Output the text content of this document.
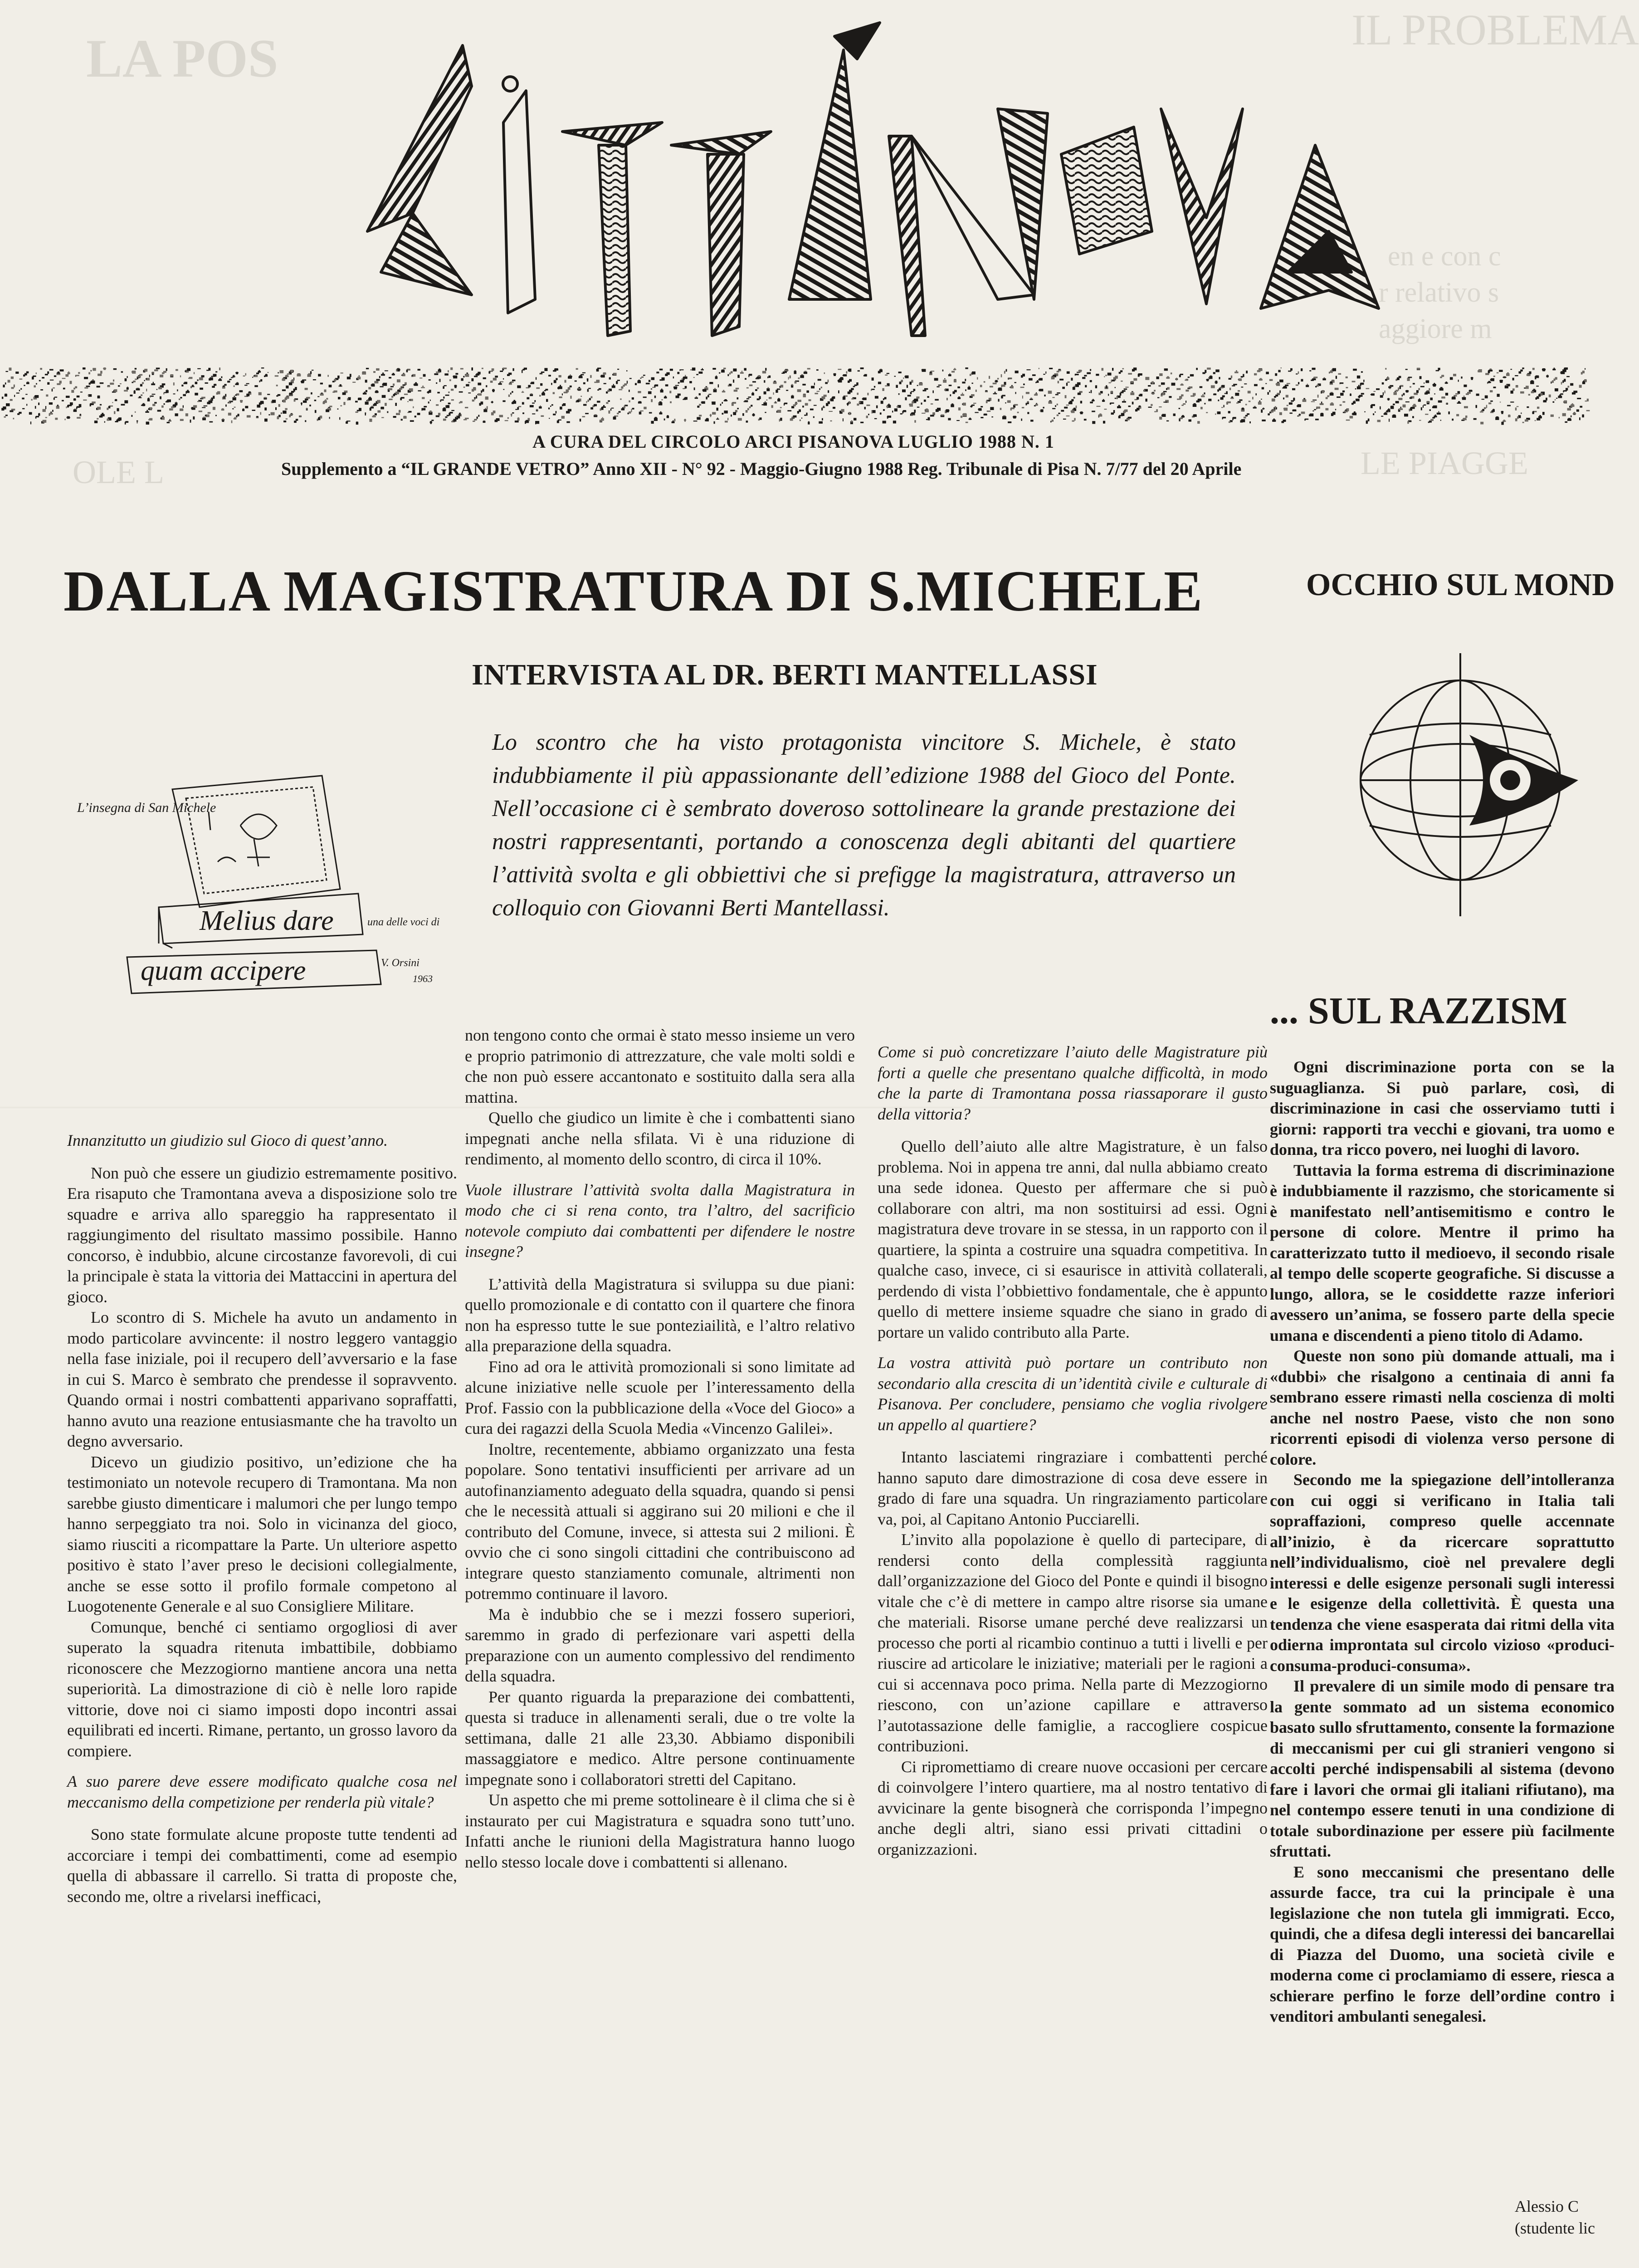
LA POS	IL PROBLEMA
LE PIAGGE
OLE L
en e con c
r relativo s
aggiore m
CITTANOVA
A CURA DEL CIRCOLO ARCI PISANOVA LUGLIO 1988 N. 1
Supplemento a “IL GRANDE VETRO” Anno XII - N° 92 - Maggio-Giugno 1988 Reg. Tribunale di Pisa N. 7/77 del 20 Aprile
DALLA MAGISTRATURA DI S.MICHELE	OCCHIO SUL MOND
INTERVISTA AL DR. BERTI MANTELLASSI
Lo scontro che ha visto protagonista vincitore S. Michele, è stato indubbiamente il più appassionante dell’edizione 1988 del Gioco del Ponte. Nell’occasione ci è sembrato doveroso sottolineare la grande prestazione dei nostri rappresentanti, portando a conoscenza degli abitanti del quartiere l’attività svolta e gli obbiettivi che si prefigge la magistratura, attraverso un colloquio con Giovanni Berti Mantellassi.
L’insegna di San Michele
Melius dare
quam accipere
una delle voci di
V. Orsini
1963
... SUL RAZZISM

Innanzitutto un giudizio sul Gioco di quest’anno.

Non può che essere un giudizio estremamente positivo. Era risaputo che Tramontana aveva a disposizione solo tre squadre e arriva allo spareggio ha rappresentato il raggiungimento del risultato massimo possibile. Hanno concorso, è indubbio, alcune circostanze favorevoli, di cui la principale è stata la vittoria dei Mattaccini in apertura del gioco.

Lo scontro di S. Michele ha avuto un andamento in modo particolare avvincente: il nostro leggero vantaggio nella fase iniziale, poi il recupero dell’avversario e la fase in cui S. Marco è sembrato che prendesse il sopravvento. Quando ormai i nostri combattenti apparivano sopraffatti, hanno avuto una reazione entusiasmante che ha travolto un degno avversario.

Dicevo un giudizio positivo, un’edizione che ha testimoniato un notevole recupero di Tramontana. Ma non sarebbe giusto dimenticare i malumori che per lungo tempo hanno serpeggiato tra noi. Solo in vicinanza del gioco, siamo riusciti a ricompattare la Parte. Un ulteriore aspetto positivo è stato l’aver preso le decisioni collegialmente, anche se esse sotto il profilo formale competono al Luogotenente Generale e al suo Consigliere Militare.

Comunque, benché ci sentiamo orgogliosi di aver superato la squadra ritenuta imbattibile, dobbiamo riconoscere che Mezzogiorno mantiene ancora una netta superiorità. La dimostrazione di ciò è nelle loro rapide vittorie, dove noi ci siamo imposti dopo incontri assai equilibrati ed incerti. Rimane, pertanto, un grosso lavoro da compiere.

A suo parere deve essere modificato qualche cosa nel meccanismo della competizione per renderla più vitale?

Sono state formulate alcune proposte tutte tendenti ad accorciare i tempi dei combattimenti, come ad esempio quella di abbassare il carrello. Si tratta di proposte che, secondo me, oltre a rivelarsi inefficaci,

non tengono conto che ormai è stato messo insieme un vero e proprio patrimonio di attrezzature, che vale molti soldi e che non può essere accantonato e sostituito dalla sera alla mattina.

Quello che giudico un limite è che i combattenti siano impegnati anche nella sfilata. Vi è una riduzione di rendimento, al momento dello scontro, di circa il 10%.

Vuole illustrare l’attività svolta dalla Magistratura in modo che ci si rena conto, tra l’altro, del sacrificio notevole compiuto dai combattenti per difendere le nostre insegne?

L’attività della Magistratura si sviluppa su due piani: quello promozionale e di contatto con il quartere che finora non ha espresso tutte le sue ponteziailità, e l’altro relativo alla preparazione della squadra.

Fino ad ora le attività promozionali si sono limitate ad alcune iniziative nelle scuole per l’interessamento della Prof. Fassio con la pubblicazione della «Voce del Gioco» a cura dei ragazzi della Scuola Media «Vincenzo Galilei».

Inoltre, recentemente, abbiamo organizzato una festa popolare. Sono tentativi insufficienti per arrivare ad un autofinanziamento adeguato della squadra, quando si pensi che le necessità attuali si aggirano sui 20 milioni e che il contributo del Comune, invece, si attesta sui 2 milioni. È ovvio che ci sono singoli cittadini che contribuiscono ad integrare questo stanziamento comunale, altrimenti non potremmo continuare il lavoro.

Ma è indubbio che se i mezzi fossero superiori, saremmo in grado di perfezionare vari aspetti della preparazione con un aumento complessivo del rendimento della squadra.

Per quanto riguarda la preparazione dei combattenti, questa si traduce in allenamenti serali, due o tre volte la settimana, dalle 21 alle 23,30. Abbiamo disponibili massaggiatore e medico. Altre persone continuamente impegnate sono i collaboratori stretti del Capitano.

Un aspetto che mi preme sottolineare è il clima che si è instaurato per cui Magistratura e squadra sono tutt’uno. Infatti anche le riunioni della Magistratura hanno luogo nello stesso locale dove i combattenti si allenano.

Come si può concretizzare l’aiuto delle Magistrature più forti a quelle che presentano qualche difficoltà, in modo che la parte di Tramontana possa riassaporare il gusto della vittoria?

Quello dell’aiuto alle altre Magistrature, è un falso problema. Noi in appena tre anni, dal nulla abbiamo creato una sede idonea. Questo per affermare che si può collaborare con altri, ma non sostituirsi ad essi. Ogni magistratura deve trovare in se stessa, in un rapporto con il quartiere, la spinta a costruire una squadra competitiva. In qualche caso, invece, ci si esaurisce in attività collaterali, perdendo di vista l’obbiettivo fondamentale, che è appunto quello di mettere insieme squadre che siano in grado di portare un valido contributo alla Parte.

La vostra attività può portare un contributo non secondario alla crescita di un’identità civile e culturale di Pisanova. Per concludere, pensiamo che voglia rivolgere un appello al quartiere?

Intanto lasciatemi ringraziare i combattenti perché hanno saputo dare dimostrazione di cosa deve essere in grado di fare una squadra. Un ringraziamento particolare va, poi, al Capitano Antonio Pucciarelli.

L’invito alla popolazione è quello di partecipare, di rendersi conto della complessità raggiunta dall’organizzazione del Gioco del Ponte e quindi il bisogno vitale che c’è di mettere in campo altre risorse sia umane che materiali. Risorse umane perché deve realizzarsi un processo che porti al ricambio continuo a tutti i livelli e per riuscire ad articolare le iniziative; materiali per le ragioni a cui si accennava poco prima. Nella parte di Mezzogiorno riescono, con un’azione capillare e attraverso l’autotassazione delle famiglie, a raccogliere cospicue contribuzioni.

Ci ripromettiamo di creare nuove occasioni per cercare di coinvolgere l’intero quartiere, ma al nostro tentativo di avvicinare la gente bisognerà che corrisponda l’impegno anche degli altri, siano essi privati cittadini o organizzazioni.

Ogni discriminazione porta con se la suguaglianza. Si può parlare, così, di discriminazione in casi che osserviamo tutti i giorni: rapporti tra vecchi e giovani, tra uomo e donna, tra ricco povero, nei luoghi di lavoro.

Tuttavia la forma estrema di discriminazione è indubbiamente il razzismo, che storicamente si è manifestato nell’antisemitismo e contro le persone di colore. Mentre il primo ha caratterizzato tutto il medioevo, il secondo risale al tempo delle scoperte geografiche. Si discusse a lungo, allora, se le cosiddette razze inferiori avessero un’anima, se fossero parte della specie umana e discendenti a pieno titolo di Adamo.

Queste non sono più domande attuali, ma i «dubbi» che risalgono a centinaia di anni fa sembrano essere rimasti nella coscienza di molti anche nel nostro Paese, visto che non sono ricorrenti episodi di violenza verso persone di colore.

Secondo me la spiegazione dell’intolleranza con cui oggi si verificano in Italia tali sopraffazioni, compreso quelle accennate all’inizio, è da ricercare soprattutto nell’individualismo, cioè nel prevalere degli interessi e delle esigenze personali sugli interessi e le esigenze della collettività. È questa una tendenza che viene esasperata dai ritmi della vita odierna improntata sul circolo vizioso «produci-consuma-produci-consuma».

Il prevalere di un simile modo di pensare tra la gente sommato ad un sistema economico basato sullo sfruttamento, consente la formazione di meccanismi per cui gli stranieri vengono si accolti perché indispensabili al sistema (devono fare i lavori che ormai gli italiani rifiutano), ma nel contempo essere tenuti in una condizione di totale subordinazione per essere più facilmente sfruttati.

E sono meccanismi che presentano delle assurde facce, tra cui la principale è una legislazione che non tutela gli immigrati. Ecco, quindi, che a difesa degli interessi dei bancarellai di Piazza del Duomo, una società civile e moderna come ci proclamiamo di essere, riesca a schierare perfino le forze dell’ordine contro i venditori ambulanti senegalesi.

Alessio C
(studente lic
